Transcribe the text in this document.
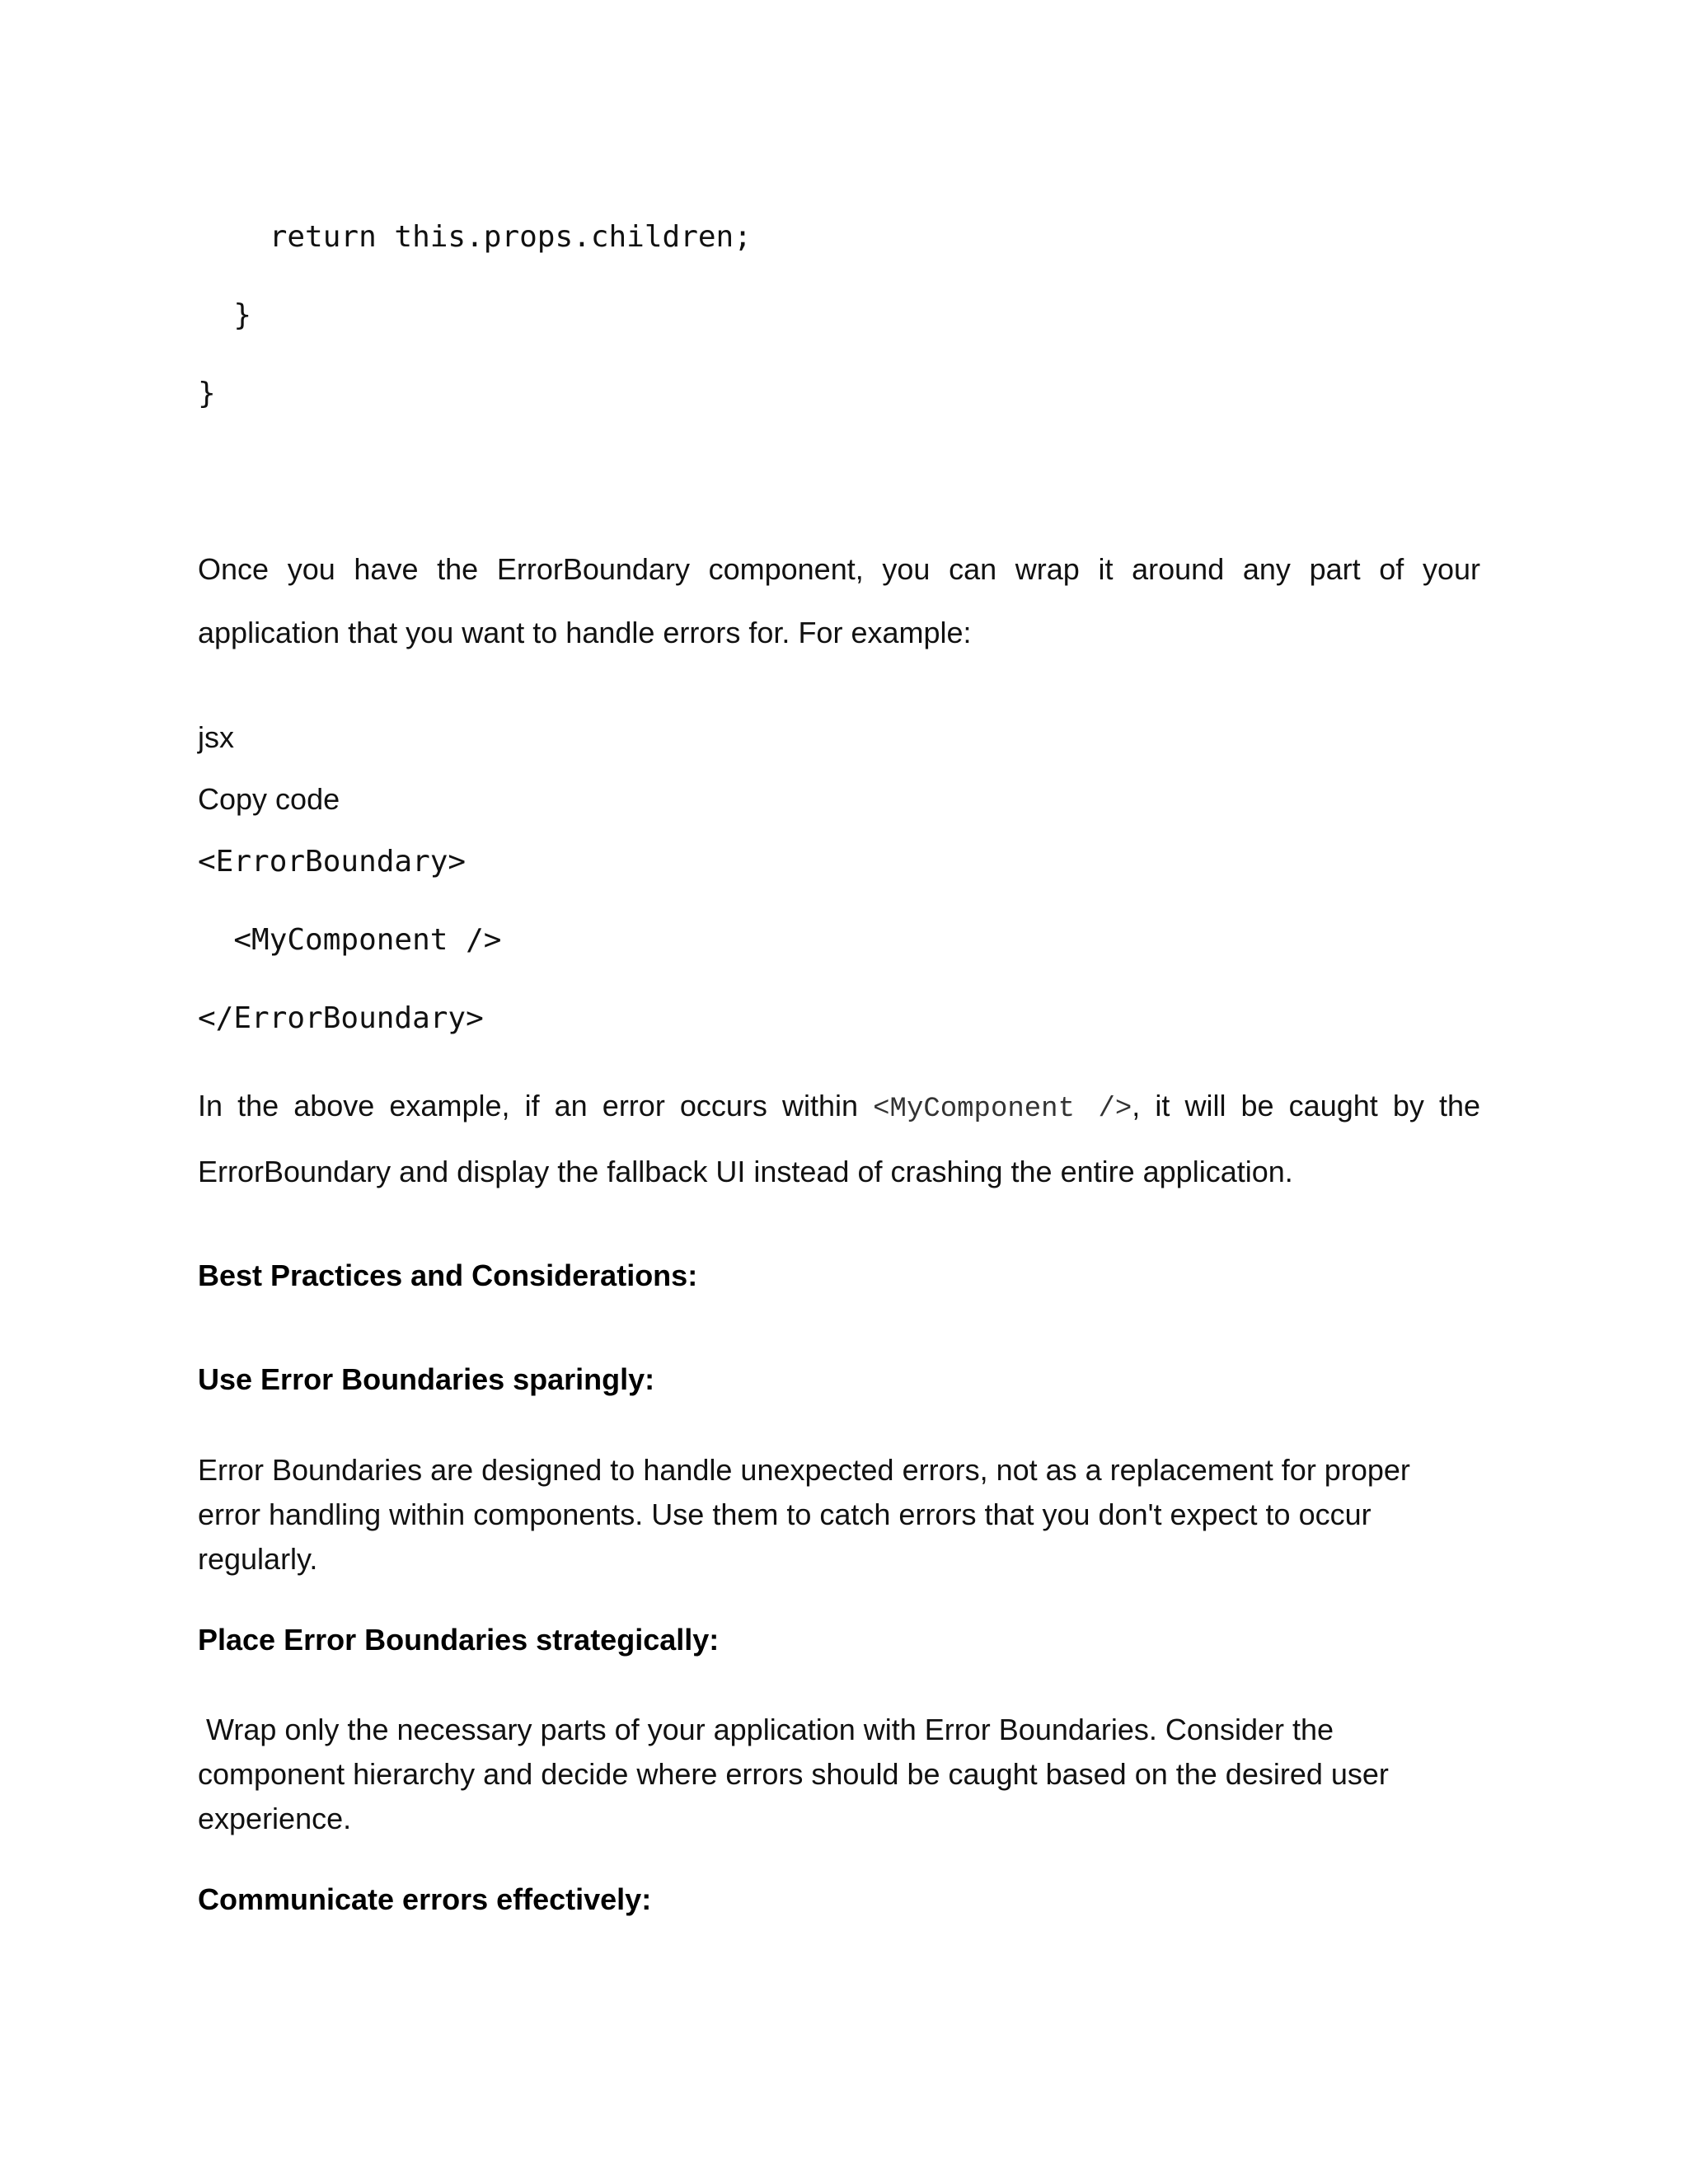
return this.props.children;
}
}
Once you have the ErrorBoundary component, you can wrap it around any part of your
application that you want to handle errors for. For example:
jsx
Copy code
<ErrorBoundary>
<MyComponent />
</ErrorBoundary>
In the above example, if an error occurs within <MyComponent />, it will be caught by the
ErrorBoundary and display the fallback UI instead of crashing the entire application.
Best Practices and Considerations:
Use Error Boundaries sparingly:
Error Boundaries are designed to handle unexpected errors, not as a replacement for proper error handling within components. Use them to catch errors that you don't expect to occur regularly.
Place Error Boundaries strategically:
Wrap only the necessary parts of your application with Error Boundaries. Consider the component hierarchy and decide where errors should be caught based on the desired user experience.
Communicate errors effectively:
